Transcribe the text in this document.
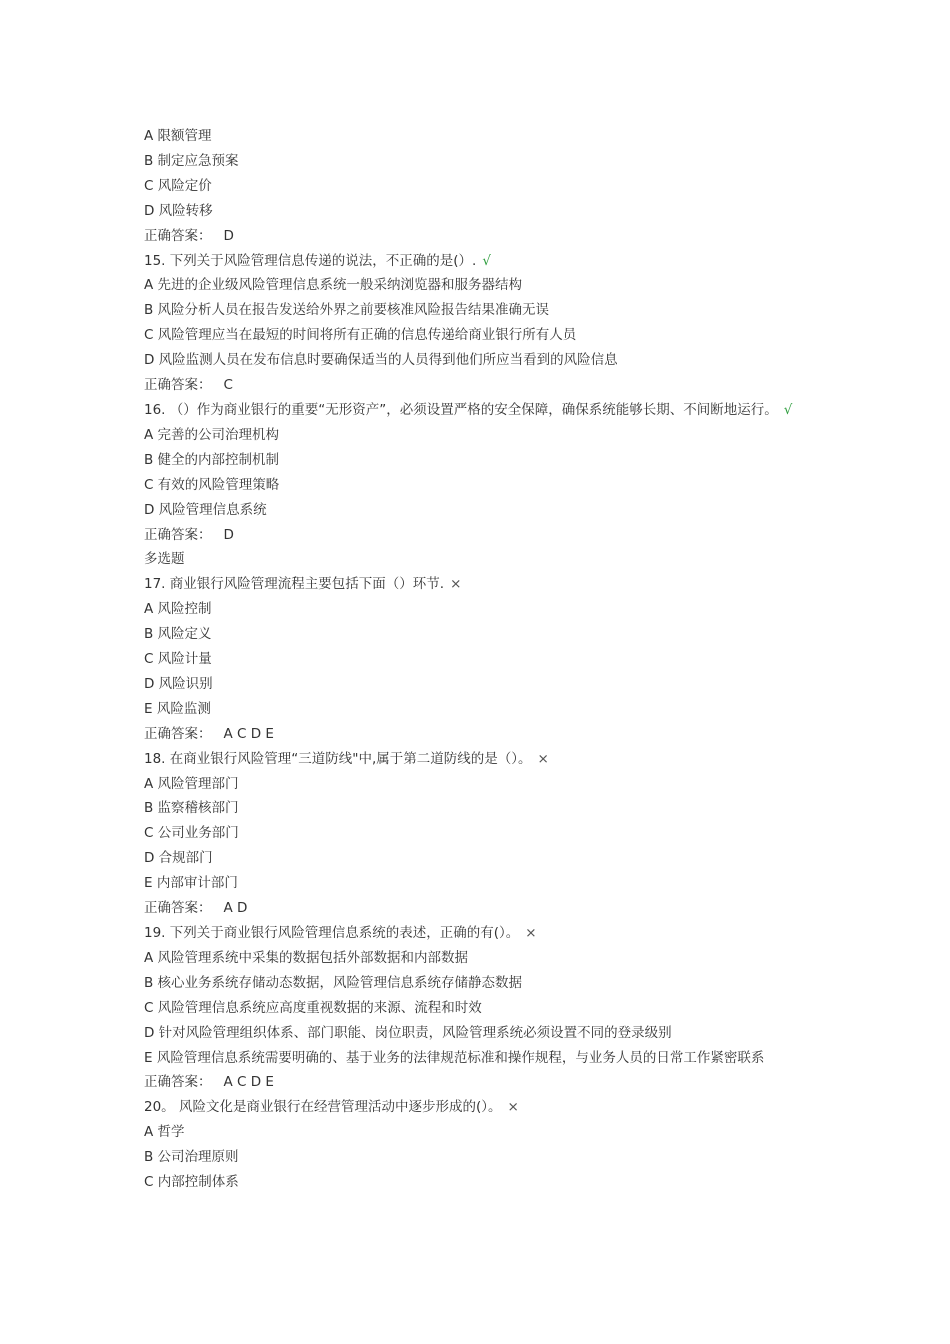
A 限额管理
B 制定应急预案
C 风险定价
D 风险转移
正确答案： D
15. 下列关于风险管理信息传递的说法，不正确的是(）. √
A 先进的企业级风险管理信息系统一般采纳浏览器和服务器结构
B 风险分析人员在报告发送给外界之前要核准风险报告结果准确无误
C 风险管理应当在最短的时间将所有正确的信息传递给商业银行所有人员
D 风险监测人员在发布信息时要确保适当的人员得到他们所应当看到的风险信息
正确答案： C
16. （）作为商业银行的重要“无形资产”，必须设置严格的安全保障，确保系统能够长期、不间断地运行。 √
A 完善的公司治理机构
B 健全的内部控制机制
C 有效的风险管理策略
D 风险管理信息系统
正确答案： D
多选题
17. 商业银行风险管理流程主要包括下面（）环节. ×
A 风险控制
B 风险定义
C 风险计量
D 风险识别
E 风险监测
正确答案： A C D E
18. 在商业银行风险管理“三道防线"中,属于第二道防线的是（）。 ×
A 风险管理部门
B 监察稽核部门
C 公司业务部门
D 合规部门
E 内部审计部门
正确答案： A D
19. 下列关于商业银行风险管理信息系统的表述，正确的有(）。 ×
A 风险管理系统中采集的数据包括外部数据和内部数据
B 核心业务系统存储动态数据，风险管理信息系统存储静态数据
C 风险管理信息系统应高度重视数据的来源、流程和时效
D 针对风险管理组织体系、部门职能、岗位职责，风险管理系统必须设置不同的登录级别
E 风险管理信息系统需要明确的、基于业务的法律规范标准和操作规程，与业务人员的日常工作紧密联系
正确答案： A C D E
20。 风险文化是商业银行在经营管理活动中逐步形成的(）。 ×
A 哲学
B 公司治理原则
C 内部控制体系
